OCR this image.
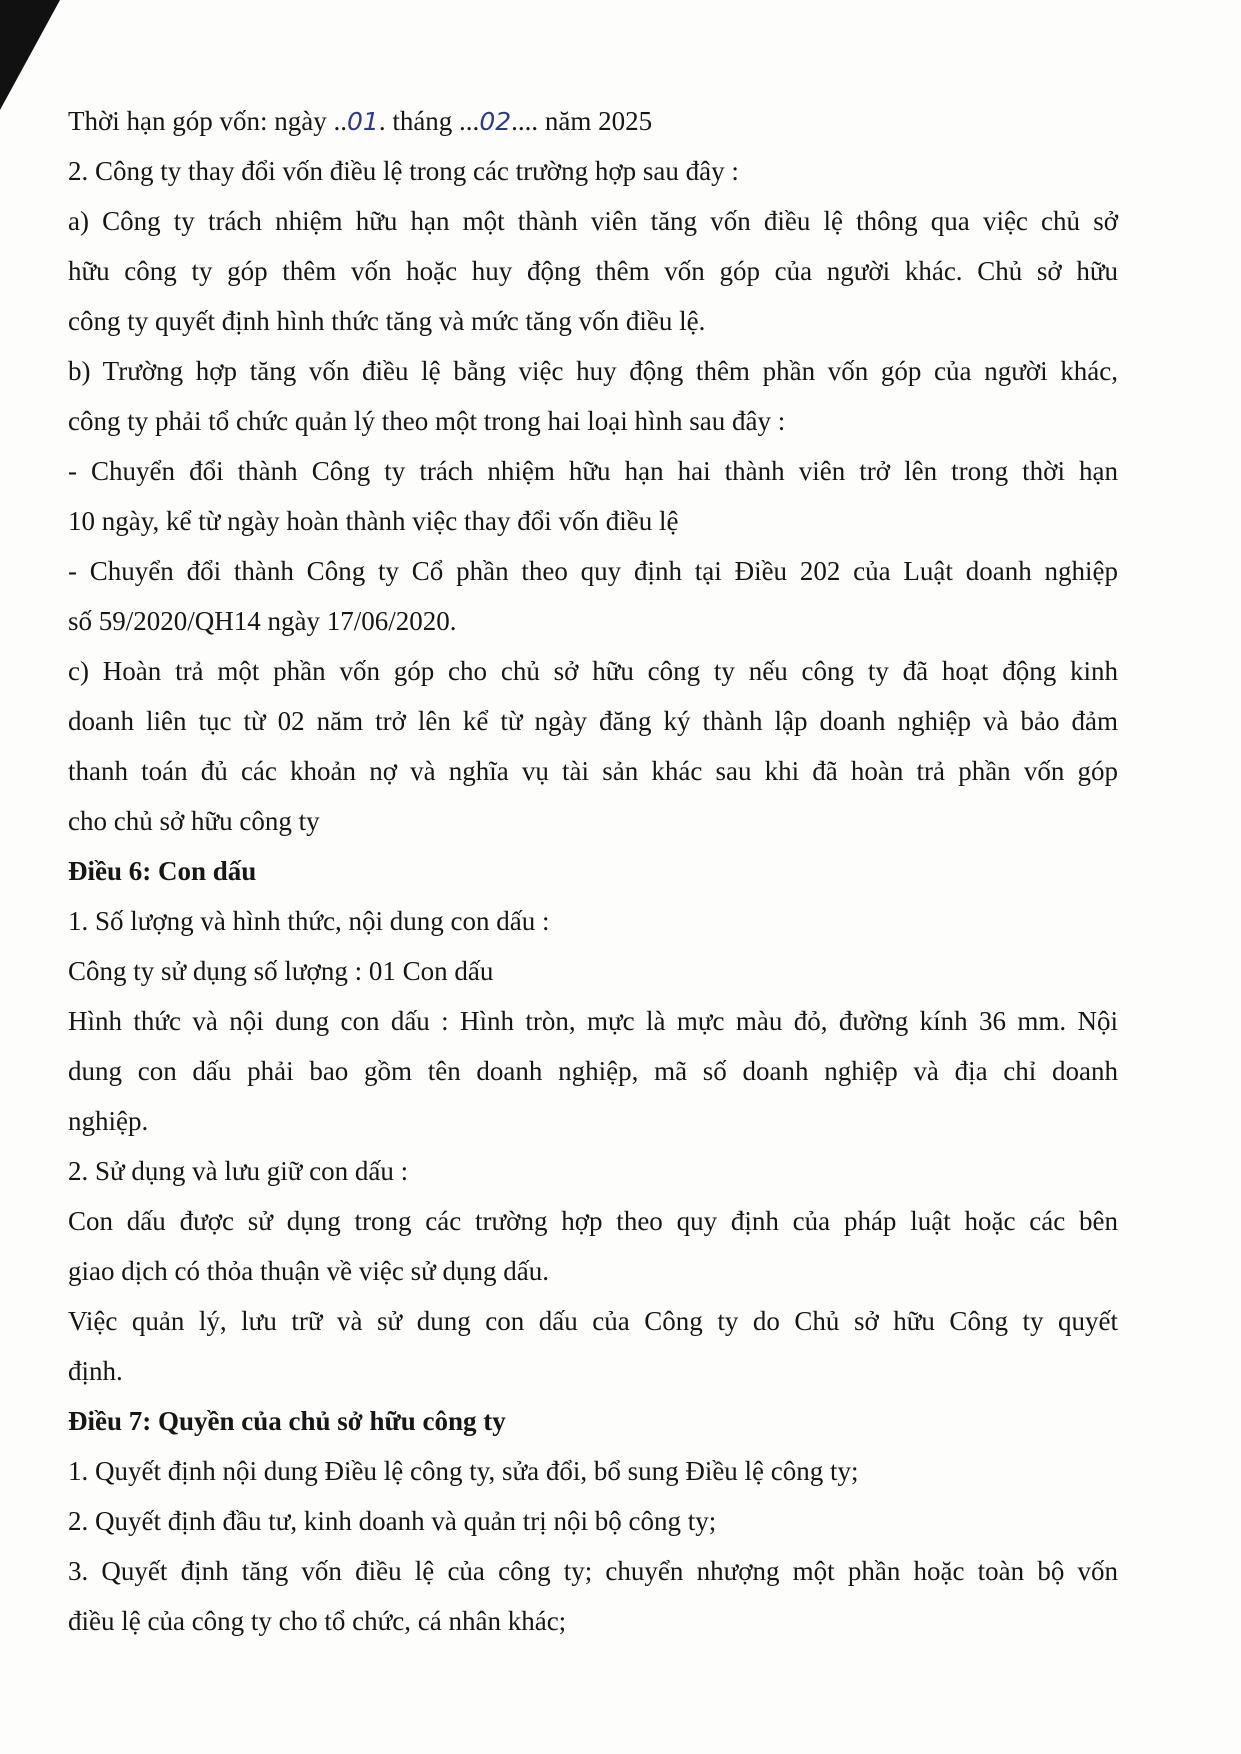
Thời hạn góp vốn: ngày ..01. tháng ...02.... năm 2025
2. Công ty thay đổi vốn điều lệ trong các trường hợp sau đây :
a) Công ty trách nhiệm hữu hạn một thành viên tăng vốn điều lệ thông qua việc chủ sở
hữu công ty góp thêm vốn hoặc huy động thêm vốn góp của người khác. Chủ sở hữu
công ty quyết định hình thức tăng và mức tăng vốn điều lệ.
b) Trường hợp tăng vốn điều lệ bằng việc huy động thêm phần vốn góp của người khác,
công ty phải tổ chức quản lý theo một trong hai loại hình sau đây :
- Chuyển đổi thành Công ty trách nhiệm hữu hạn hai thành viên trở lên trong thời hạn
10 ngày, kể từ ngày hoàn thành việc thay đổi vốn điều lệ
- Chuyển đổi thành Công ty Cổ phần theo quy định tại Điều 202 của Luật doanh nghiệp
số 59/2020/QH14 ngày 17/06/2020.
c) Hoàn trả một phần vốn góp cho chủ sở hữu công ty nếu công ty đã hoạt động kinh
doanh liên tục từ 02 năm trở lên kể từ ngày đăng ký thành lập doanh nghiệp và bảo đảm
thanh toán đủ các khoản nợ và nghĩa vụ tài sản khác sau khi đã hoàn trả phần vốn góp
cho chủ sở hữu công ty
Điều 6: Con dấu
1. Số lượng và hình thức, nội dung con dấu :
Công ty sử dụng số lượng : 01 Con dấu
Hình thức và nội dung con dấu : Hình tròn, mực là mực màu đỏ, đường kính 36 mm. Nội
dung con dấu phải bao gồm tên doanh nghiệp, mã số doanh nghiệp và địa chỉ doanh
nghiệp.
2. Sử dụng và lưu giữ con dấu :
Con dấu được sử dụng trong các trường hợp theo quy định của pháp luật hoặc các bên
giao dịch có thỏa thuận về việc sử dụng dấu.
Việc quản lý, lưu trữ và sử dung con dấu của Công ty do Chủ sở hữu Công ty quyết
định.
Điều 7: Quyền của chủ sở hữu công ty
1. Quyết định nội dung Điều lệ công ty, sửa đổi, bổ sung Điều lệ công ty;
2. Quyết định đầu tư, kinh doanh và quản trị nội bộ công ty;
3. Quyết định tăng vốn điều lệ của công ty; chuyển nhượng một phần hoặc toàn bộ vốn
điều lệ của công ty cho tổ chức, cá nhân khác;
